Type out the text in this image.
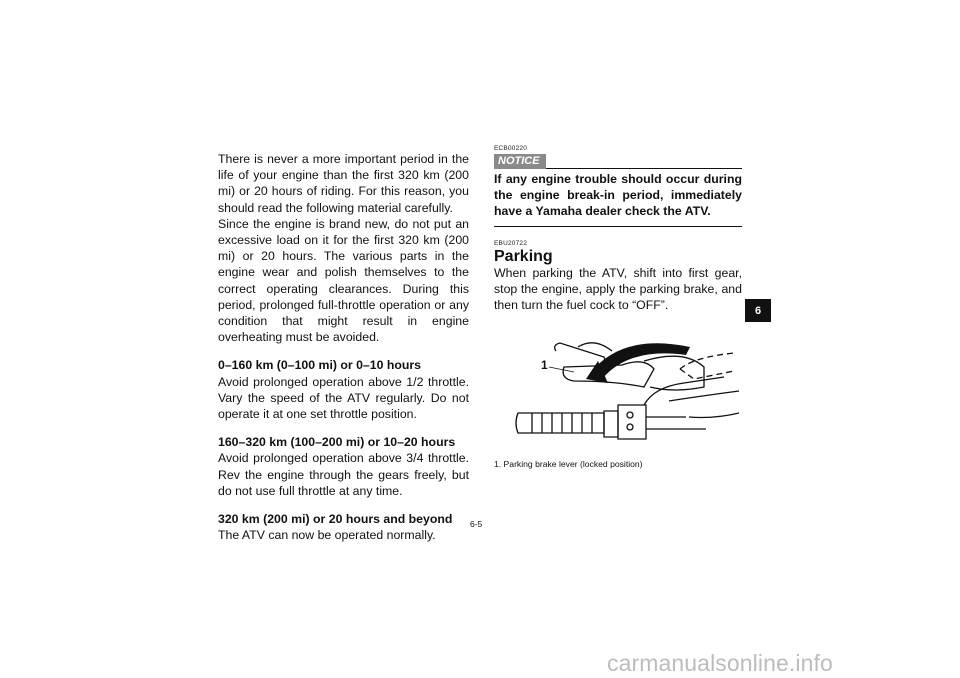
There is never a more important period in the life of your engine than the first 320 km (200 mi) or 20 hours of riding. For this reason, you should read the following material carefully.

Since the engine is brand new, do not put an excessive load on it for the first 320 km (200 mi) or 20 hours. The various parts in the engine wear and polish themselves to the correct operating clearances. During this period, prolonged full-throttle operation or any condition that might result in engine overheating must be avoided.

0–160 km (0–100 mi) or 0–10 hours

Avoid prolonged operation above 1/2 throttle. Vary the speed of the ATV regularly. Do not operate it at one set throttle position.

160–320 km (100–200 mi) or 10–20 hours

Avoid prolonged operation above 3/4 throttle. Rev the engine through the gears freely, but do not use full throttle at any time.

320 km (200 mi) or 20 hours and beyond

The ATV can now be operated normally.

ECB00220
NOTICE
If any engine trouble should occur during the engine break-in period, immediately have a Yamaha dealer check the ATV.
EBU20722
Parking

When parking the ATV, shift into first gear, stop the engine, apply the parking brake, and then turn the fuel cock to “OFF”.

1
1. Parking brake lever (locked position)
6
6-5
carmanualsonline.info
